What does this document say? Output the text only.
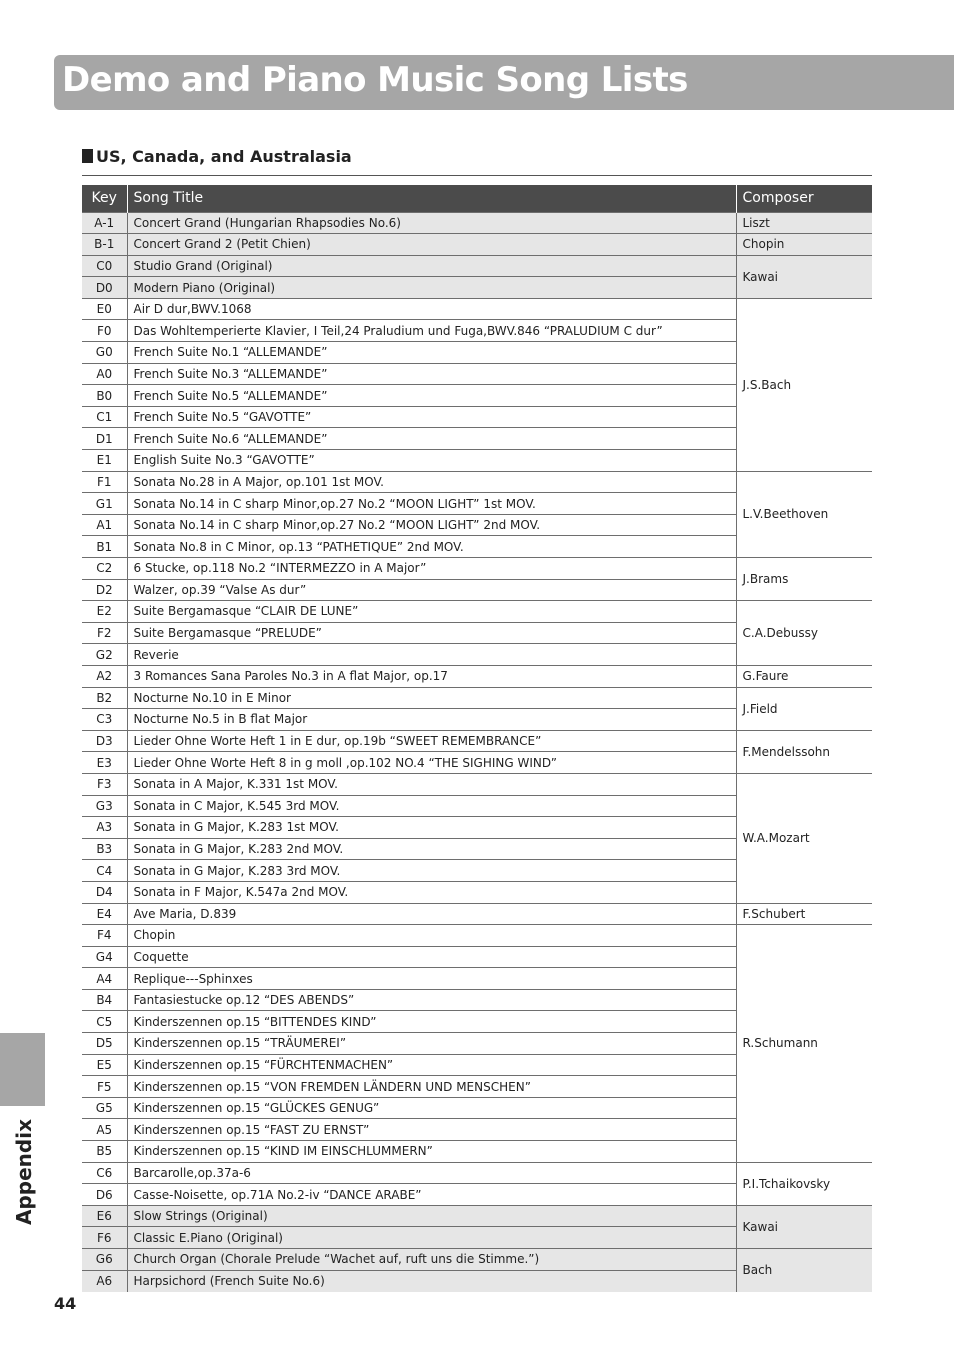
Demo and Piano Music Song Lists
US, Canada, and Australasia
Key	Song Title	Composer
A-1	Concert Grand (Hungarian Rhapsodies No.6)	Liszt
B-1	Concert Grand 2 (Petit Chien)	Chopin
C0	Studio Grand (Original)	Kawai
D0	Modern Piano (Original)	
E0	Air D dur,BWV.1068	J.S.Bach
F0	Das Wohltemperierte Klavier, I Teil,24 Praludium und Fuga,BWV.846 “PRALUDIUM C dur”	
G0	French Suite No.1 “ALLEMANDE”	
A0	French Suite No.3 “ALLEMANDE”	
B0	French Suite No.5 “ALLEMANDE”	
C1	French Suite No.5 “GAVOTTE”	
D1	French Suite No.6 “ALLEMANDE”	
E1	English Suite No.3 “GAVOTTE”	
F1	Sonata No.28 in A Major, op.101 1st MOV.	L.V.Beethoven
G1	Sonata No.14 in C sharp Minor,op.27 No.2 “MOON LIGHT” 1st MOV.	
A1	Sonata No.14 in C sharp Minor,op.27 No.2 “MOON LIGHT” 2nd MOV.	
B1	Sonata No.8 in C Minor, op.13 “PATHETIQUE” 2nd MOV.	
C2	6 Stucke, op.118 No.2 “INTERMEZZO in A Major”	J.Brams
D2	Walzer, op.39 “Valse As dur”	
E2	Suite Bergamasque “CLAIR DE LUNE”	C.A.Debussy
F2	Suite Bergamasque “PRELUDE”	
G2	Reverie	
A2	3 Romances Sana Paroles No.3 in A flat Major, op.17	G.Faure
B2	Nocturne No.10 in E Minor	J.Field
C3	Nocturne No.5 in B flat Major	
D3	Lieder Ohne Worte Heft 1 in E dur, op.19b “SWEET REMEMBRANCE”	F.Mendelssohn
E3	Lieder Ohne Worte Heft 8 in g moll ,op.102 NO.4 “THE SIGHING WIND”	
F3	Sonata in A Major, K.331 1st MOV.	W.A.Mozart
G3	Sonata in C Major, K.545 3rd MOV.	
A3	Sonata in G Major, K.283 1st MOV.	
B3	Sonata in G Major, K.283 2nd MOV.	
C4	Sonata in G Major, K.283 3rd MOV.	
D4	Sonata in F Major, K.547a 2nd MOV.	
E4	Ave Maria, D.839	F.Schubert
F4	Chopin	R.Schumann
G4	Coquette	
A4	Replique---Sphinxes	
B4	Fantasiestucke op.12 “DES ABENDS”	
C5	Kinderszennen op.15 “BITTENDES KIND”	
D5	Kinderszennen op.15 “TRÄUMEREI”	
E5	Kinderszennen op.15 “FÜRCHTENMACHEN”	
F5	Kinderszennen op.15 “VON FREMDEN LÄNDERN UND MENSCHEN”	
G5	Kinderszennen op.15 “GLÜCKES GENUG”	
A5	Kinderszennen op.15 “FAST ZU ERNST”	
B5	Kinderszennen op.15 “KIND IM EINSCHLUMMERN”	
C6	Barcarolle,op.37a-6	P.I.Tchaikovsky
D6	Casse-Noisette, op.71A No.2-iv “DANCE ARABE”	
E6	Slow Strings (Original)	Kawai
F6	Classic E.Piano (Original)	
G6	Church Organ (Chorale Prelude “Wachet auf, ruft uns die Stimme.”)	Bach
A6	Harpsichord (French Suite No.6)	
Appendix
44
